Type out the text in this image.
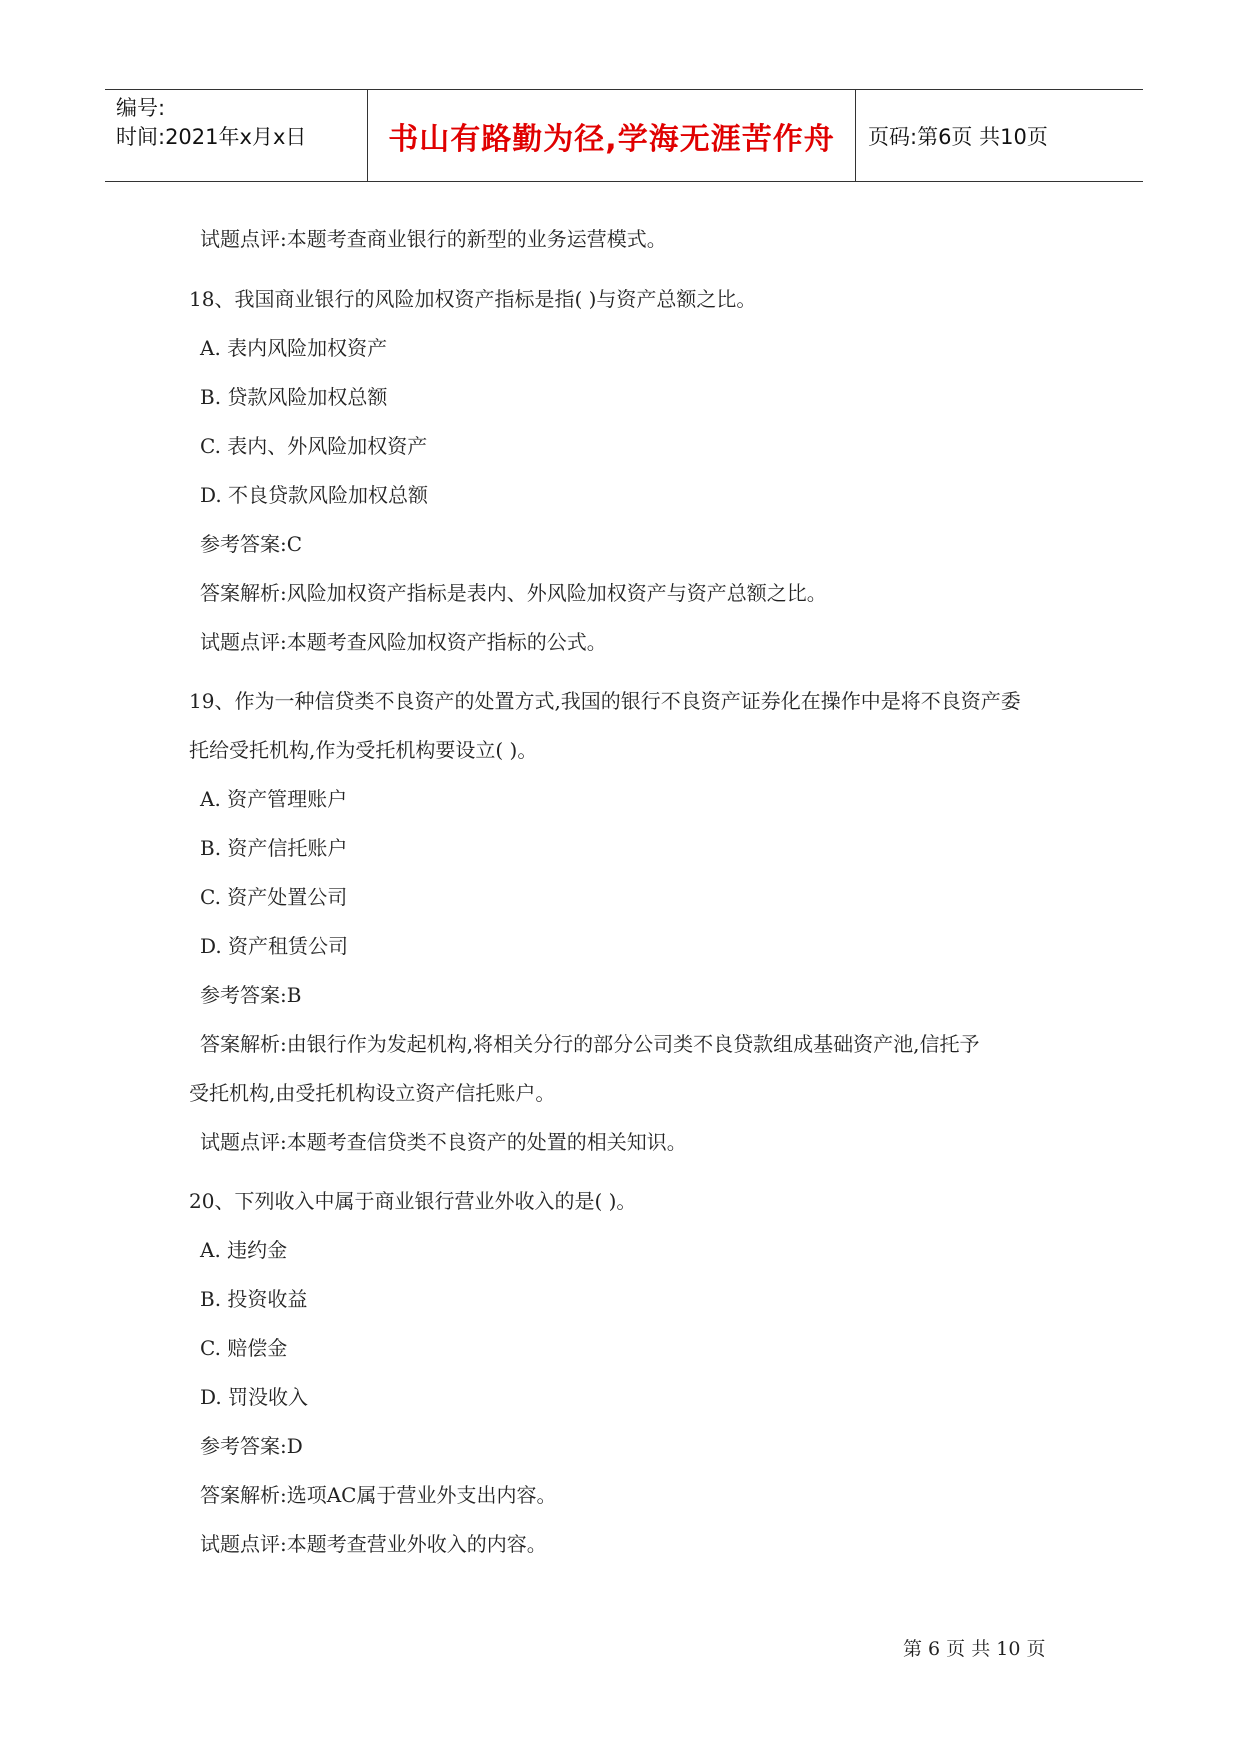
编号:
时间:2021年x月x日	书山有路勤为径,学海无涯苦作舟	页码:第6页 共10页
试题点评:本题考查商业银行的新型的业务运营模式。
18、我国商业银行的风险加权资产指标是指( )与资产总额之比。
A. 表内风险加权资产
B. 贷款风险加权总额
C. 表内、外风险加权资产
D. 不良贷款风险加权总额
参考答案:C
答案解析:风险加权资产指标是表内、外风险加权资产与资产总额之比。
试题点评:本题考查风险加权资产指标的公式。
19、作为一种信贷类不良资产的处置方式,我国的银行不良资产证券化在操作中是将不良资产委
托给受托机构,作为受托机构要设立( )。
A. 资产管理账户
B. 资产信托账户
C. 资产处置公司
D. 资产租赁公司
参考答案:B
答案解析:由银行作为发起机构,将相关分行的部分公司类不良贷款组成基础资产池,信托予
受托机构,由受托机构设立资产信托账户。
试题点评:本题考查信贷类不良资产的处置的相关知识。
20、下列收入中属于商业银行营业外收入的是( )。
A. 违约金
B. 投资收益
C. 赔偿金
D. 罚没收入
参考答案:D
答案解析:选项AC属于营业外支出内容。
试题点评:本题考查营业外收入的内容。
第 6 页 共 10 页
